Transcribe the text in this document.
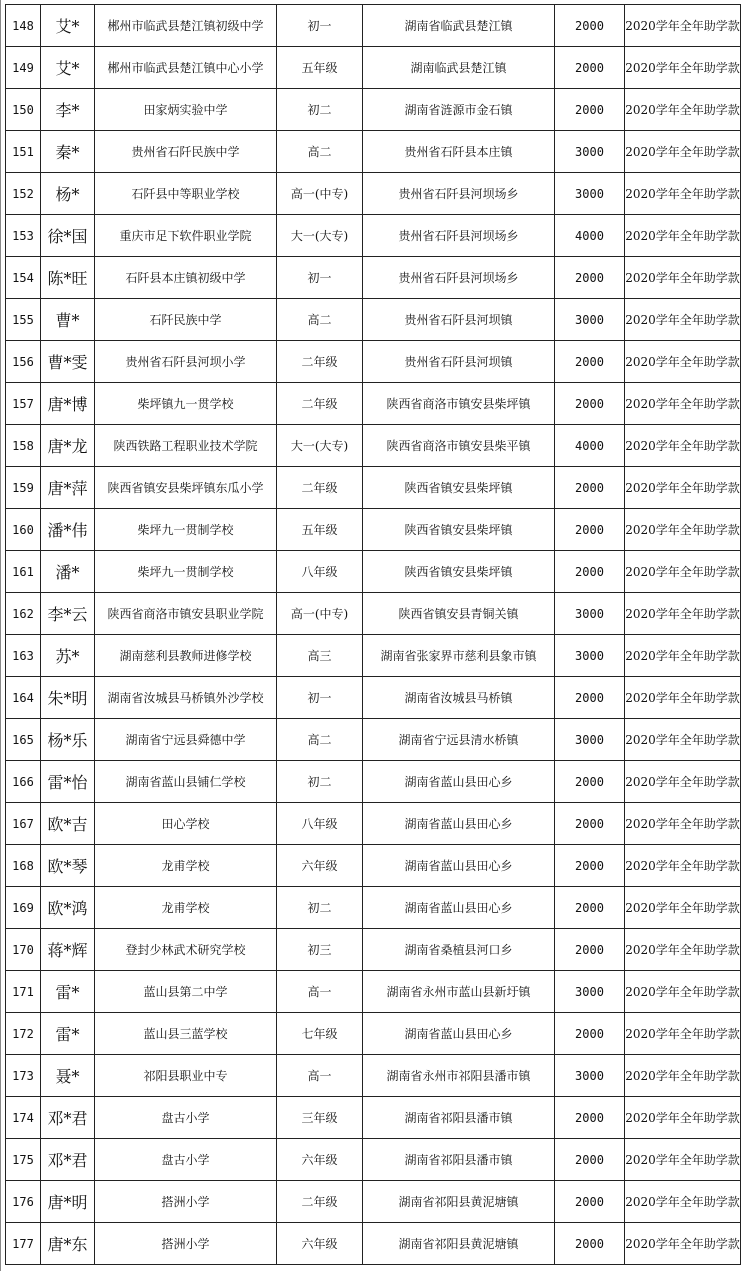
148	艾*	郴州市临武县楚江镇初级中学	初一	湖南省临武县楚江镇	2000	2020学年全年助学款
149	艾*	郴州市临武县楚江镇中心小学	五年级	湖南临武县楚江镇	2000	2020学年全年助学款
150	李*	田家炳实验中学	初二	湖南省涟源市金石镇	2000	2020学年全年助学款
151	秦*	贵州省石阡民族中学	高二	贵州省石阡县本庄镇	3000	2020学年全年助学款
152	杨*	石阡县中等职业学校	高一(中专)	贵州省石阡县河坝场乡	3000	2020学年全年助学款
153	徐*国	重庆市足下软件职业学院	大一(大专)	贵州省石阡县河坝场乡	4000	2020学年全年助学款
154	陈*旺	石阡县本庄镇初级中学	初一	贵州省石阡县河坝场乡	2000	2020学年全年助学款
155	曹*	石阡民族中学	高二	贵州省石阡县河坝镇	3000	2020学年全年助学款
156	曹*雯	贵州省石阡县河坝小学	二年级	贵州省石阡县河坝镇	2000	2020学年全年助学款
157	唐*博	柴坪镇九一贯学校	二年级	陕西省商洛市镇安县柴坪镇	2000	2020学年全年助学款
158	唐*龙	陕西铁路工程职业技术学院	大一(大专)	陕西省商洛市镇安县柴平镇	4000	2020学年全年助学款
159	唐*萍	陕西省镇安县柴坪镇东瓜小学	二年级	陕西省镇安县柴坪镇	2000	2020学年全年助学款
160	潘*伟	柴坪九一贯制学校	五年级	陕西省镇安县柴坪镇	2000	2020学年全年助学款
161	潘*	柴坪九一贯制学校	八年级	陕西省镇安县柴坪镇	2000	2020学年全年助学款
162	李*云	陕西省商洛市镇安县职业学院	高一(中专)	陕西省镇安县青铜关镇	3000	2020学年全年助学款
163	苏*	湖南慈利县教师进修学校	高三	湖南省张家界市慈利县象市镇	3000	2020学年全年助学款
164	朱*明	湖南省汝城县马桥镇外沙学校	初一	湖南省汝城县马桥镇	2000	2020学年全年助学款
165	杨*乐	湖南省宁远县舜德中学	高二	湖南省宁远县清水桥镇	3000	2020学年全年助学款
166	雷*怡	湖南省蓝山县铺仁学校	初二	湖南省蓝山县田心乡	2000	2020学年全年助学款
167	欧*吉	田心学校	八年级	湖南省蓝山县田心乡	2000	2020学年全年助学款
168	欧*琴	龙甫学校	六年级	湖南省蓝山县田心乡	2000	2020学年全年助学款
169	欧*鸿	龙甫学校	初二	湖南省蓝山县田心乡	2000	2020学年全年助学款
170	蒋*辉	登封少林武术研究学校	初三	湖南省桑植县河口乡	2000	2020学年全年助学款
171	雷*	蓝山县第二中学	高一	湖南省永州市蓝山县新圩镇	3000	2020学年全年助学款
172	雷*	蓝山县三蓝学校	七年级	湖南省蓝山县田心乡	2000	2020学年全年助学款
173	聂*	祁阳县职业中专	高一	湖南省永州市祁阳县潘市镇	3000	2020学年全年助学款
174	邓*君	盘古小学	三年级	湖南省祁阳县潘市镇	2000	2020学年全年助学款
175	邓*君	盘古小学	六年级	湖南省祁阳县潘市镇	2000	2020学年全年助学款
176	唐*明	搭洲小学	二年级	湖南省祁阳县黄泥塘镇	2000	2020学年全年助学款
177	唐*东	搭洲小学	六年级	湖南省祁阳县黄泥塘镇	2000	2020学年全年助学款
